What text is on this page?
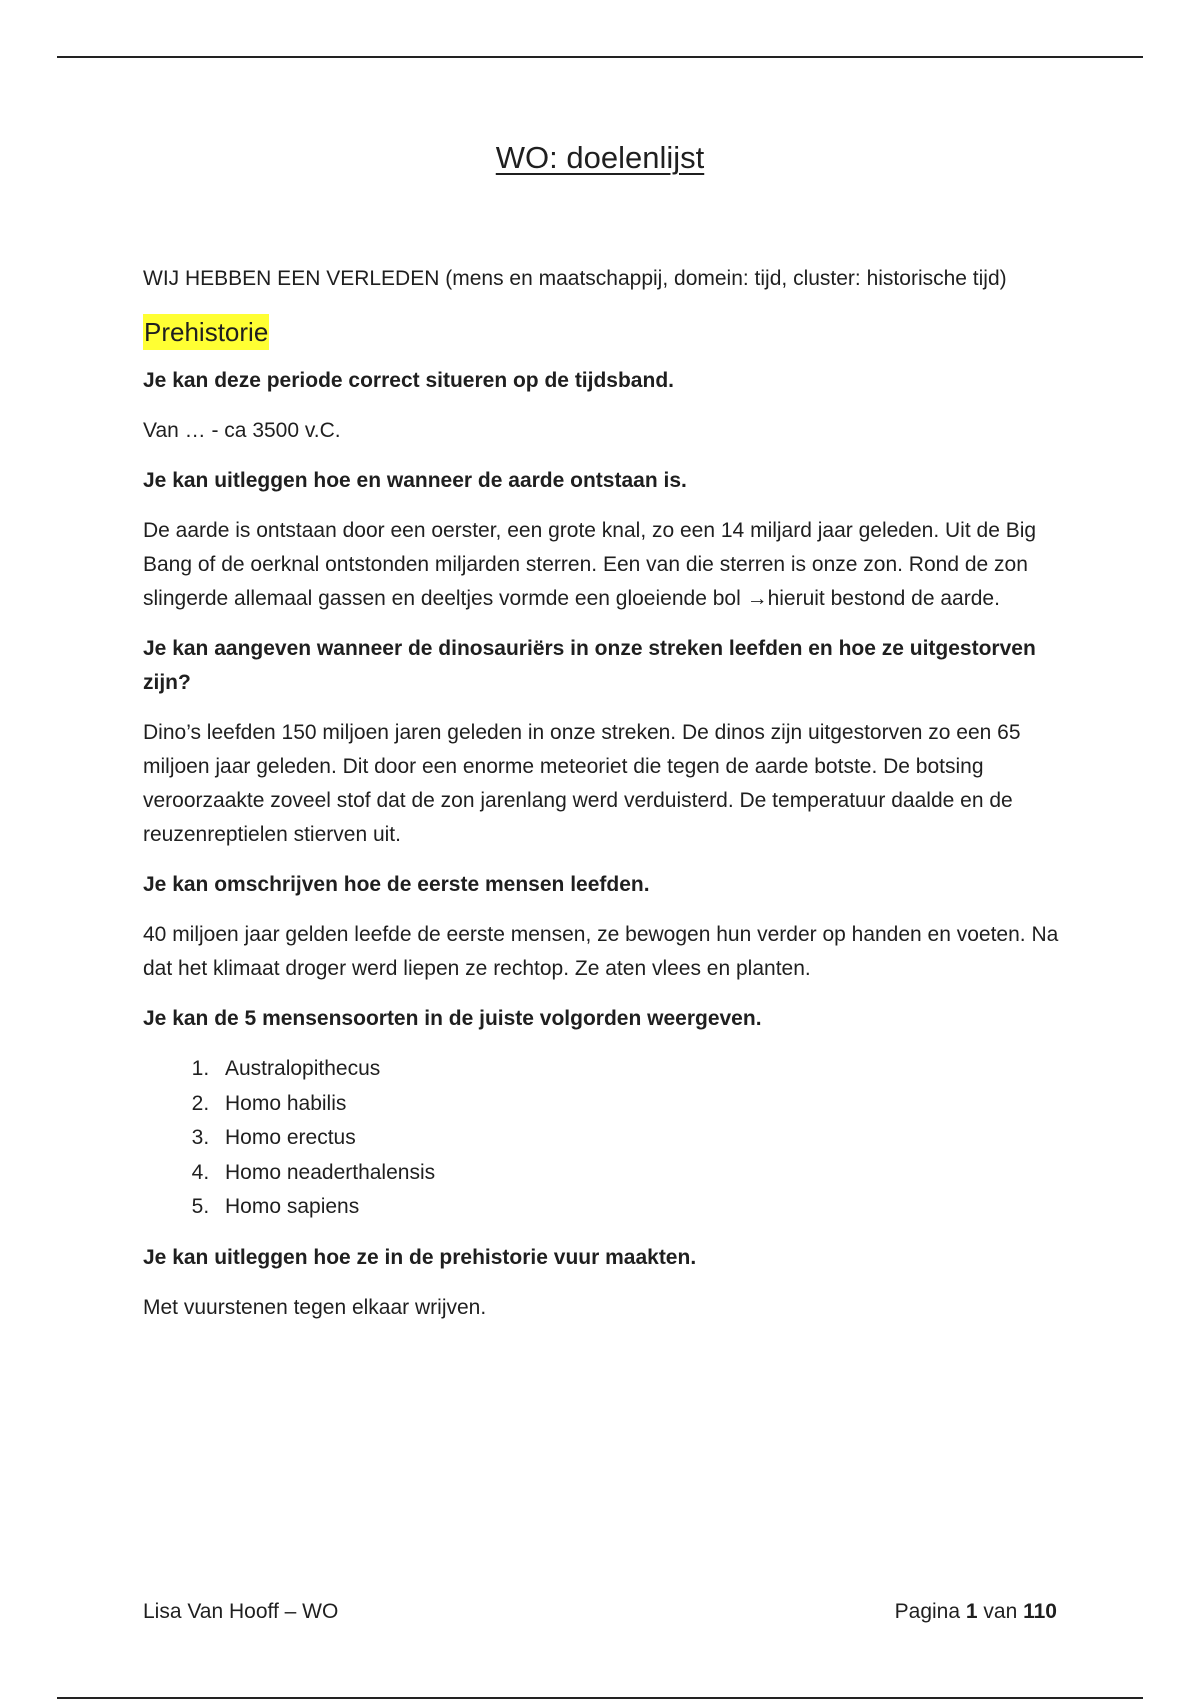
WO: doelenlijst

WIJ HEBBEN EEN VERLEDEN (mens en maatschappij, domein: tijd, cluster: historische tijd)

Prehistorie

Je kan deze periode correct situeren op de tijdsband.

Van … - ca 3500 v.C.

Je kan uitleggen hoe en wanneer de aarde ontstaan is.

De aarde is ontstaan door een oerster, een grote knal, zo een 14 miljard jaar geleden. Uit de Big Bang of de oerknal ontstonden miljarden sterren. Een van die sterren is onze zon. Rond de zon slingerde allemaal gassen en deeltjes vormde een gloeiende bol →hieruit bestond de aarde.

Je kan aangeven wanneer de dinosauriërs in onze streken leefden en hoe ze uitgestorven zijn?

Dino’s leefden 150 miljoen jaren geleden in onze streken. De dinos zijn uitgestorven zo een 65 miljoen jaar geleden. Dit door een enorme meteoriet die tegen de aarde botste. De botsing veroorzaakte zoveel stof dat de zon jarenlang werd verduisterd. De temperatuur daalde en de reuzenreptielen stierven uit.

Je kan omschrijven hoe de eerste mensen leefden.

40 miljoen jaar gelden leefde de eerste mensen, ze bewogen hun verder op handen en voeten. Na dat het klimaat droger werd liepen ze rechtop. Ze aten vlees en planten.

Je kan de 5 mensensoorten in de juiste volgorden weergeven.

1. Australopithecus
2. Homo habilis
3. Homo erectus
4. Homo neaderthalensis
5. Homo sapiens

Je kan uitleggen hoe ze in de prehistorie vuur maakten.

Met vuurstenen tegen elkaar wrijven.

Lisa Van Hooff – WO	Pagina 1 van 110
